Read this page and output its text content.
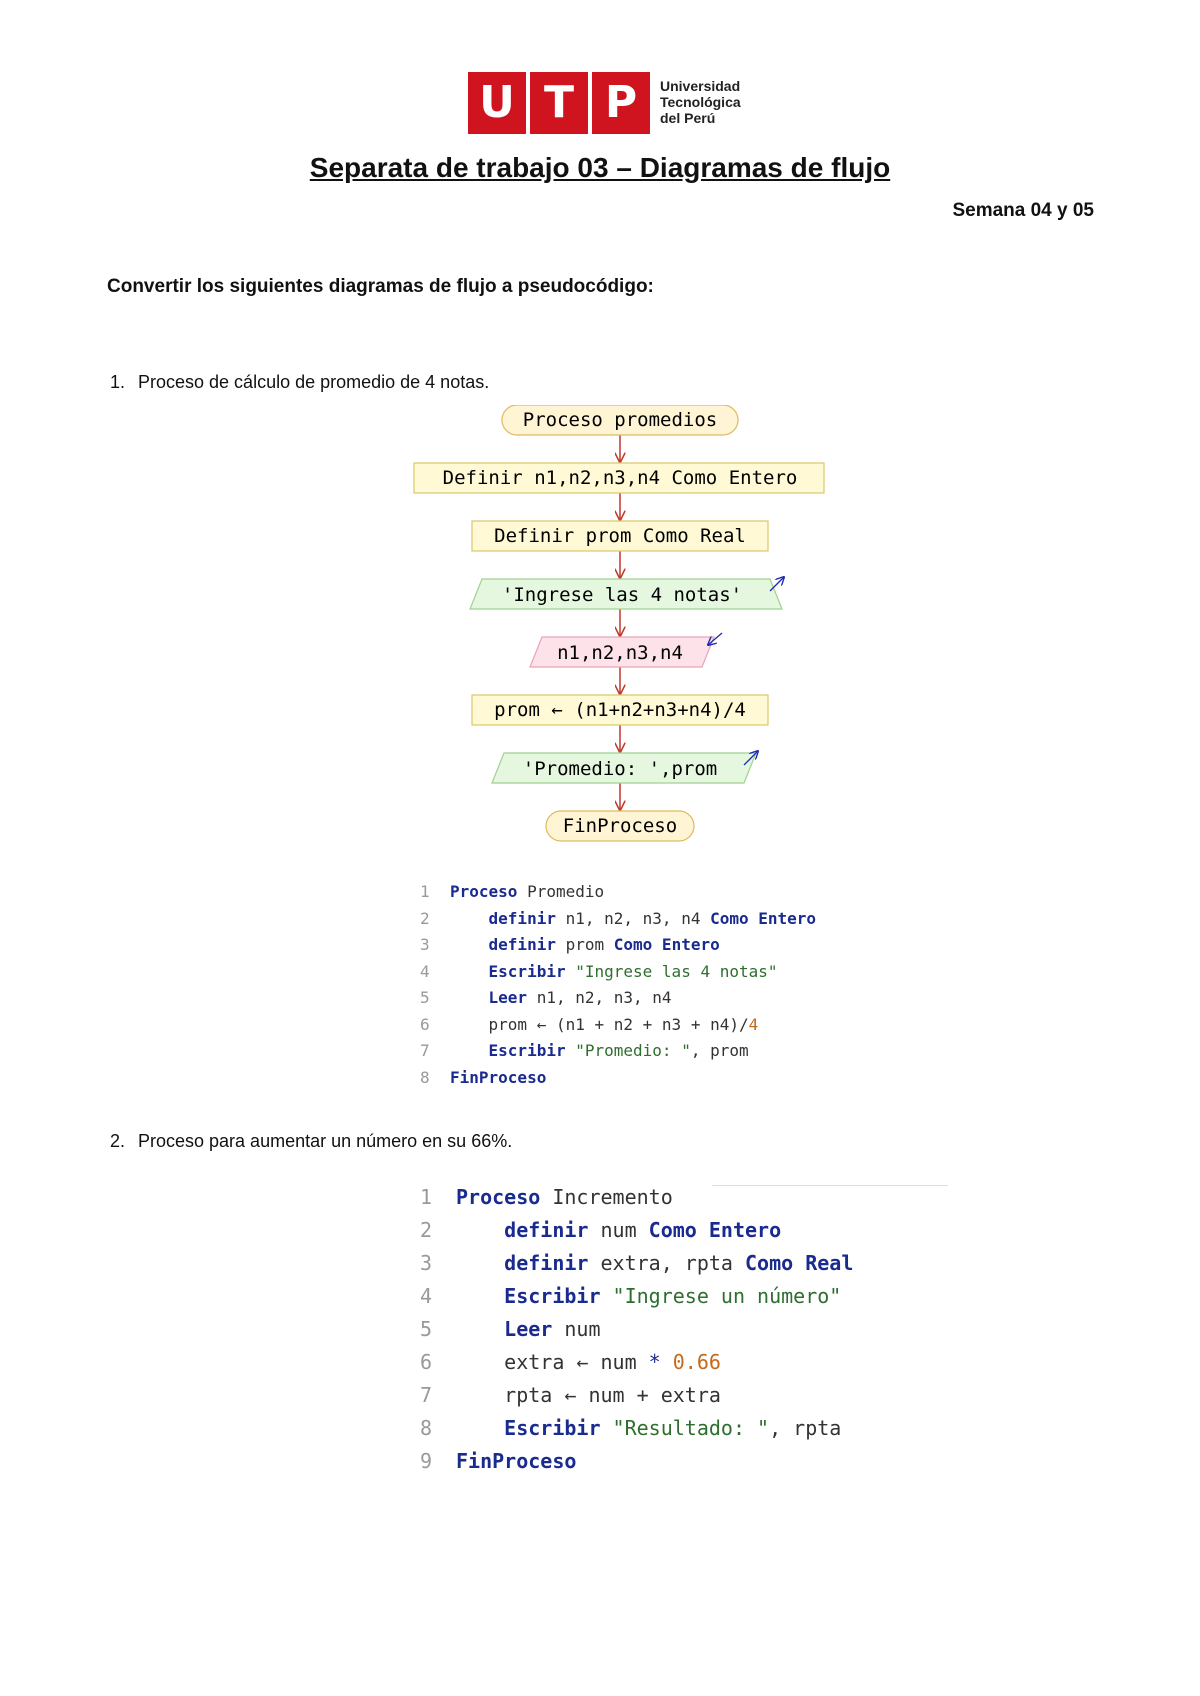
U T P	Universidad
Tecnológica
del Perú
Separata de trabajo 03 – Diagramas de flujo
Semana 04 y 05
Convertir los siguientes diagramas de flujo a pseudocódigo:
1. Proceso de cálculo de promedio de 4 notas.
Proceso promedios
Definir n1,n2,n3,n4 Como Entero
Definir prom Como Real
'Ingrese las 4 notas'
n1,n2,n3,n4
prom ← (n1+n2+n3+n4)/4
'Promedio: ',prom
FinProceso
1 Proceso Promedio
2 definir n1, n2, n3, n4 Como Entero
3 definir prom Como Entero
4 Escribir "Ingrese las 4 notas"
5 Leer n1, n2, n3, n4
6 prom ← (n1 + n2 + n3 + n4)/4
7 Escribir "Promedio: ", prom
8 FinProceso
2. Proceso para aumentar un número en su 66%.
1 Proceso Incremento
2 definir num Como Entero
3 definir extra, rpta Como Real
4 Escribir "Ingrese un número"
5 Leer num
6 extra ← num * 0.66
7 rpta ← num + extra
8 Escribir "Resultado: ", rpta
9 FinProceso
